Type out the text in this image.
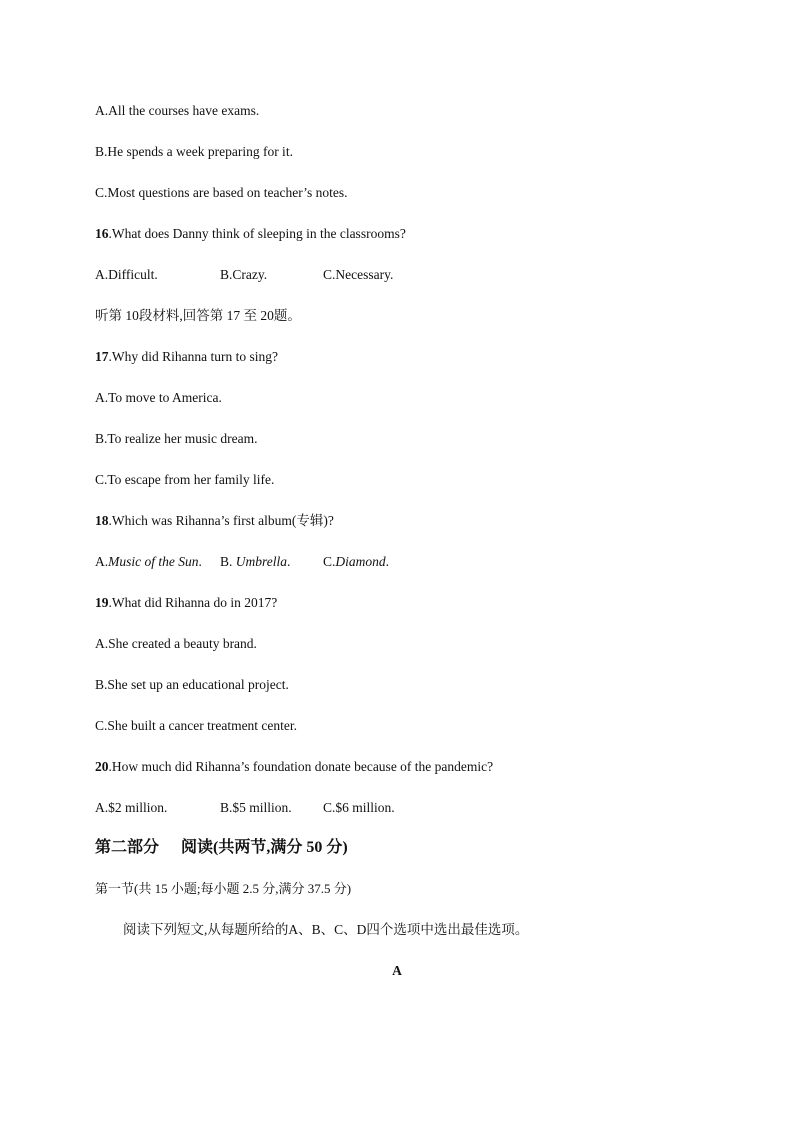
A.All the courses have exams.
B.He spends a week preparing for it.
C.Most questions are based on teacher’s notes.
16.What does Danny think of sleeping in the classrooms?
A.Difficult.	B.Crazy.	C.Necessary.
听第 10段材料,回答第 17 至 20题。
17.Why did Rihanna turn to sing?
A.To move to America.
B.To realize her music dream.
C.To escape from her family life.
18.Which was Rihanna’s first album(专辑)?
A.Music of the Sun. B. Umbrella. C.Diamond.
19.What did Rihanna do in 2017?
A.She created a beauty brand.
B.She set up an educational project.
C.She built a cancer treatment center.
20.How much did Rihanna’s foundation donate because of the pandemic?
A.$2 million.	B.$5 million. C.$6 million.
第二部分 阅读(共两节,满分 50 分)
第一节(共 15 小题;每小题 2.5 分,满分 37.5 分)
阅读下列短文,从每题所给的A、B、C、D四个选项中选出最佳选项。
A
